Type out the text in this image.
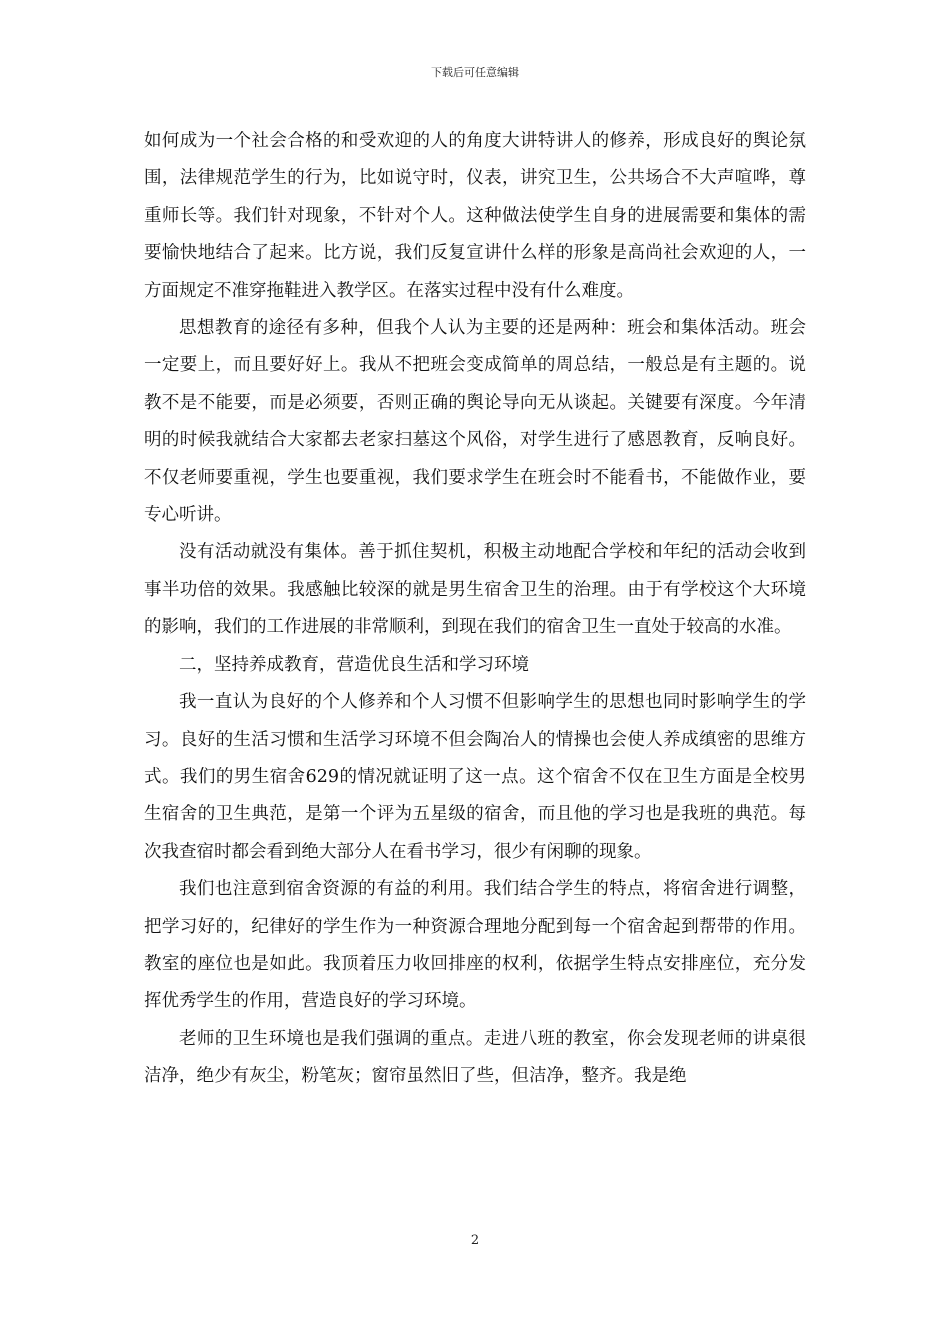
下载后可任意编辑

如何成为一个社会合格的和受欢迎的人的角度大讲特讲人的修养，形成良好的舆论氛围，法律规范学生的行为，比如说守时，仪表，讲究卫生，公共场合不大声喧哗，尊重师长等。我们针对现象，不针对个人。这种做法使学生自身的进展需要和集体的需要愉快地结合了起来。比方说，我们反复宣讲什么样的形象是高尚社会欢迎的人，一方面规定不准穿拖鞋进入教学区。在落实过程中没有什么难度。

思想教育的途径有多种，但我个人认为主要的还是两种：班会和集体活动。班会一定要上，而且要好好上。我从不把班会变成简单的周总结，一般总是有主题的。说教不是不能要，而是必须要，否则正确的舆论导向无从谈起。关键要有深度。今年清明的时候我就结合大家都去老家扫墓这个风俗，对学生进行了感恩教育，反响良好。不仅老师要重视，学生也要重视，我们要求学生在班会时不能看书，不能做作业，要专心听讲。

没有活动就没有集体。善于抓住契机，积极主动地配合学校和年纪的活动会收到事半功倍的效果。我感触比较深的就是男生宿舍卫生的治理。由于有学校这个大环境的影响，我们的工作进展的非常顺利，到现在我们的宿舍卫生一直处于较高的水准。

二，坚持养成教育，营造优良生活和学习环境

我一直认为良好的个人修养和个人习惯不但影响学生的思想也同时影响学生的学习。良好的生活习惯和生活学习环境不但会陶冶人的情操也会使人养成缜密的思维方式。我们的男生宿舍629的情况就证明了这一点。这个宿舍不仅在卫生方面是全校男生宿舍的卫生典范，是第一个评为五星级的宿舍，而且他的学习也是我班的典范。每次我查宿时都会看到绝大部分人在看书学习，很少有闲聊的现象。

我们也注意到宿舍资源的有益的利用。我们结合学生的特点，将宿舍进行调整，把学习好的，纪律好的学生作为一种资源合理地分配到每一个宿舍起到帮带的作用。教室的座位也是如此。我顶着压力收回排座的权利，依据学生特点安排座位，充分发挥优秀学生的作用，营造良好的学习环境。

老师的卫生环境也是我们强调的重点。走进八班的教室，你会发现老师的讲桌很洁净，绝少有灰尘，粉笔灰；窗帘虽然旧了些，但洁净，整齐。我是绝

2
